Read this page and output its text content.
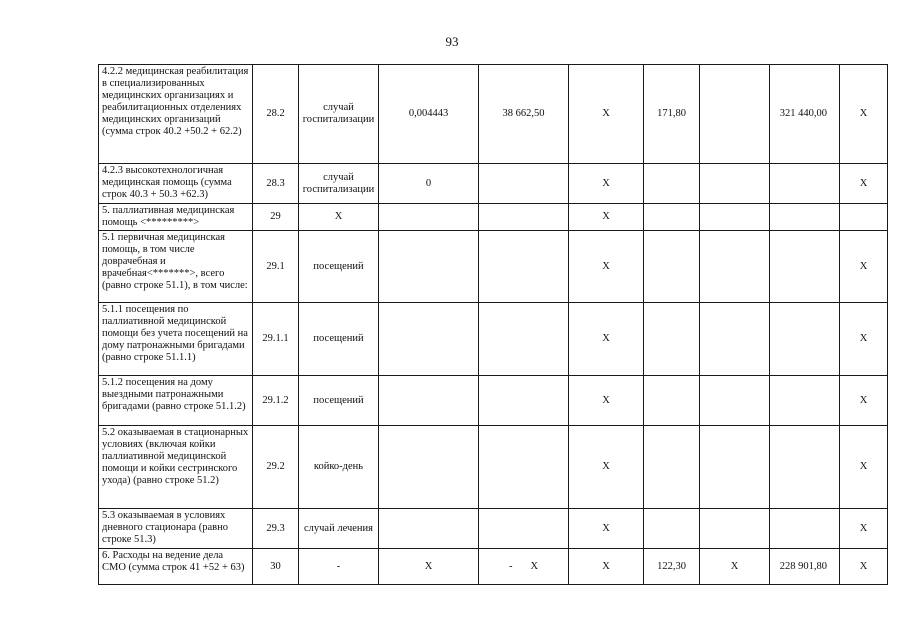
93
4.2.2 медицинская реабилитация в специализированных медицинских организациях и реабилитационных отделениях медицинских организаций (сумма строк 40.2 +50.2 + 62.2)	28.2	случай госпитализации	0,004443	38 662,50	X	171,80		321 440,00	X
4.2.3 высокотехнологичная медицинская помощь (сумма строк 40.3 + 50.3 +62.3)	28.3	случай госпитализации	0		X				X
5. паллиативная медицинская помощь <*********>	29	X			X				
5.1 первичная медицинская помощь, в том числе доврачебная и врачебная<*******>, всего (равно строке 51.1), в том числе:	29.1	посещений			X				X
5.1.1 посещения по паллиативной медицинской помощи без учета посещений на дому патронажными бригадами (равно строке 51.1.1)	29.1.1	посещений			X				X
5.1.2 посещения на дому выездными патронажными бригадами (равно строке 51.1.2)	29.1.2	посещений			X				X
5.2 оказываемая в стационарных условиях (включая койки паллиативной медицинской помощи и койки сестринского ухода) (равно строке 51.2)	29.2	койко-день			X				X
5.3 оказываемая в условиях дневного стационара (равно строке 51.3)	29.3	случай лечения			X				X
6. Расходы на ведение дела СМО (сумма строк 41 +52 + 63)	30	-	X	- X	X	122,30	X	228 901,80	X
